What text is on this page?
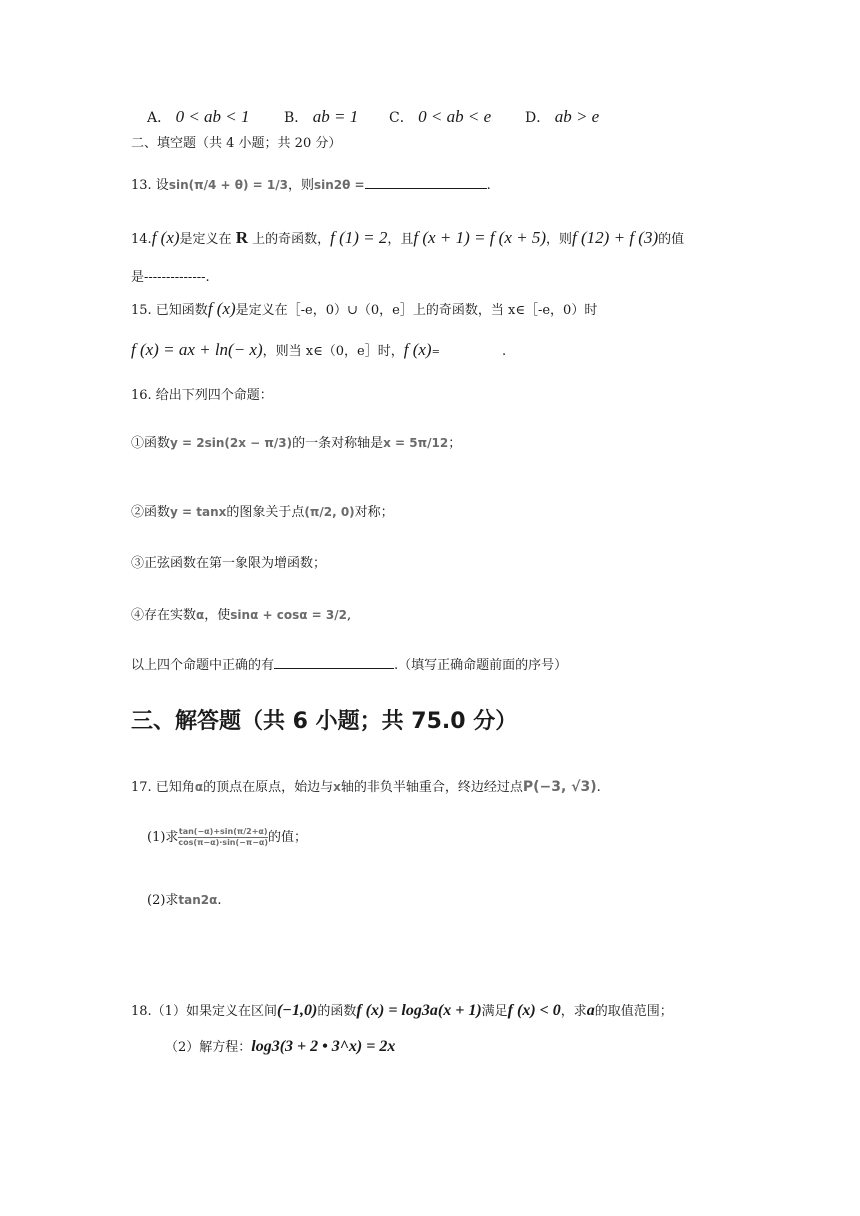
A． 0 < ab < 1 B． ab = 1 C． 0 < ab < e D． ab > e
二、填空题（共 4 小题；共 20 分）
13. 设sin(π/4 + θ) = 1/3，则sin2θ =	.
14.f (x)是定义在 R 上的奇函数，f (1) = 2，且f (x + 1) = f (x + 5)，则f (12) + f (3)的值
是--------------.
15. 已知函数f (x)是定义在［-e，0）∪（0，e］上的奇函数，当 x∈［-e，0）时
f (x) = ax + ln(− x)，则当 x∈（0，e］时，f (x)=	.
16. 给出下列四个命题：
①函数y = 2sin(2x − π/3)的一条对称轴是x = 5π/12；
②函数y = tanx的图象关于点(π/2, 0)对称；
③正弦函数在第一象限为增函数；
④存在实数α，使sinα + cosα = 3/2,
以上四个命题中正确的有	.（填写正确命题前面的序号）
三、解答题（共 6 小题；共 75.0 分）
17. 已知角α的顶点在原点，始边与x轴的非负半轴重合，终边经过点P(−3, √3).
(1)求 $\frac{\tan(-\alpha)+\sin(\pi/2+\alpha)}{\cos(\pi-\alpha)\cdot\sin(-\pi-\alpha)}$ 的值；
(2)求tan2α.
18.（1）如果定义在区间(−1,0)的函数f (x) = log3a(x + 1)满足f (x) < 0，求a的取值范围；
（2）解方程：log3(3 + 2 • 3^x) = 2x
